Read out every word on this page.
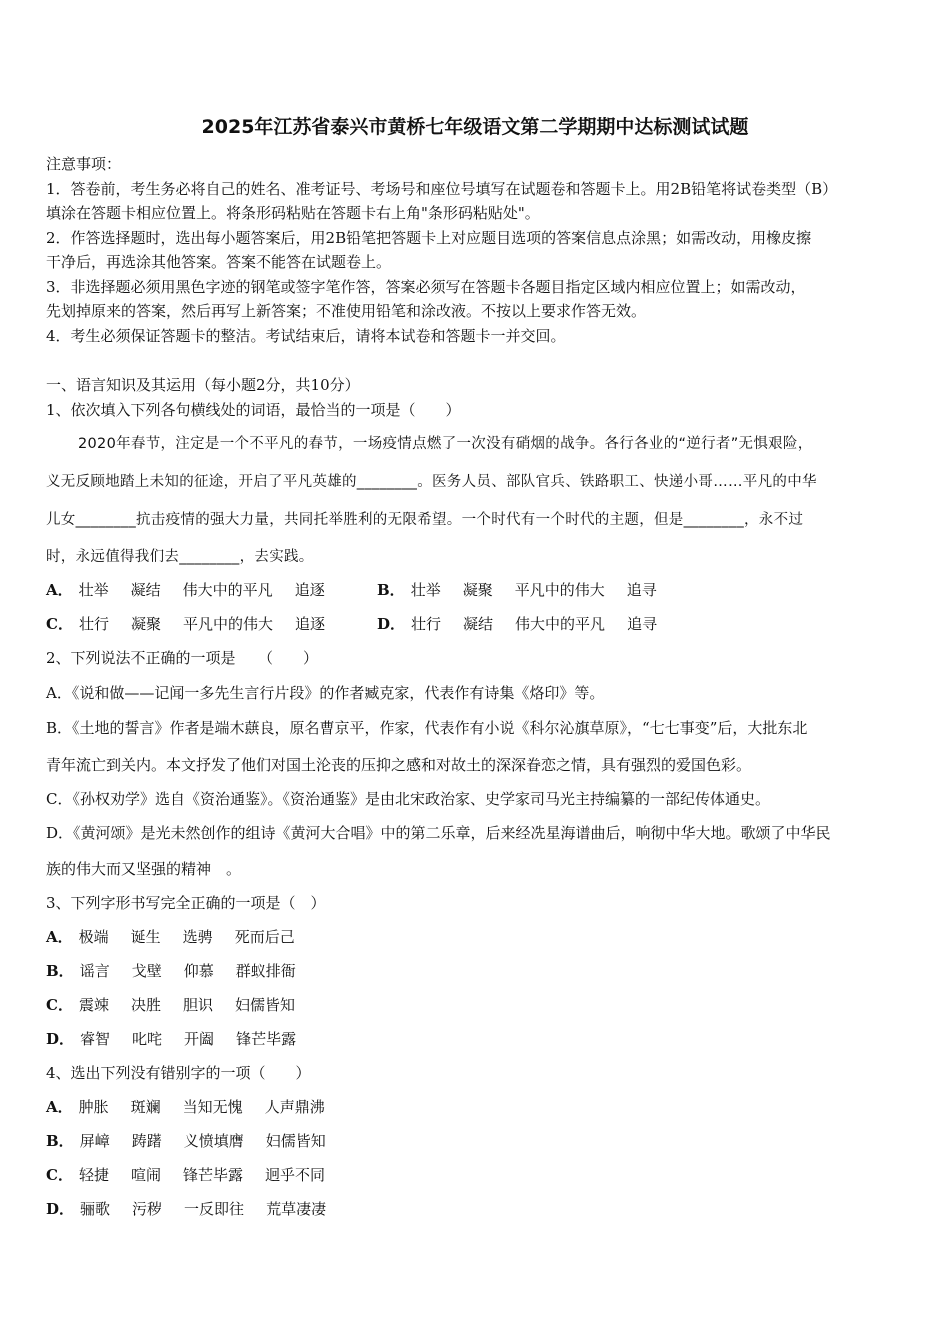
2025年江苏省泰兴市黄桥七年级语文第二学期期中达标测试试题
注意事项：
1．答卷前，考生务必将自己的姓名、准考证号、考场号和座位号填写在试题卷和答题卡上。用2B铅笔将试卷类型（B）
填涂在答题卡相应位置上。将条形码粘贴在答题卡右上角"条形码粘贴处"。
2．作答选择题时，选出每小题答案后，用2B铅笔把答题卡上对应题目选项的答案信息点涂黑；如需改动，用橡皮擦
干净后，再选涂其他答案。答案不能答在试题卷上。
3．非选择题必须用黑色字迹的钢笔或签字笔作答，答案必须写在答题卡各题目指定区域内相应位置上；如需改动，
先划掉原来的答案，然后再写上新答案；不准使用铅笔和涂改液。不按以上要求作答无效。
4．考生必须保证答题卡的整洁。考试结束后，请将本试卷和答题卡一并交回。
一、语言知识及其运用（每小题2分，共10分）
1、依次填入下列各句横线处的词语，最恰当的一项是（　　）
2020年春节，注定是一个不平凡的春节，一场疫情点燃了一次没有硝烟的战争。各行各业的“逆行者”无惧艰险，
义无反顾地踏上未知的征途，开启了平凡英雄的________。医务人员、部队官兵、铁路职工、快递小哥……平凡的中华
儿女________抗击疫情的强大力量，共同托举胜利的无限希望。一个时代有一个时代的主题，但是________，永不过
时，永远值得我们去________，去实践。
A． 壮举 凝结 伟大中的平凡 追逐	B． 壮举 凝聚 平凡中的伟大 追寻
C． 壮行 凝聚 平凡中的伟大 追逐	D． 壮行 凝结 伟大中的平凡 追寻
2、下列说法不正确的一项是　　（　　）
A．《说和做——记闻一多先生言行片段》的作者臧克家，代表作有诗集《烙印》等。
B．《土地的誓言》作者是端木蕻良，原名曹京平，作家，代表作有小说《科尔沁旗草原》，“七七事变”后，大批东北
青年流亡到关内。本文抒发了他们对国土沦丧的压抑之感和对故土的深深眷恋之情，具有强烈的爱国色彩。
C．《孙权劝学》选自《资治通鉴》。《资治通鉴》是由北宋政治家、史学家司马光主持编纂的一部纪传体通史。
D．《黄河颂》是光未然创作的组诗《黄河大合唱》中的第二乐章，后来经冼星海谱曲后，响彻中华大地。歌颂了中华民
族的伟大而又坚强的精神　。
3、下列字形书写完全正确的一项是（　）
A． 极端 诞生 选骋 死而后己
B． 谣言 戈壁 仰慕 群蚁排衙
C． 震竦 决胜 胆识 妇儒皆知
D． 睿智 叱咤 开阖 锋芒毕露
4、选出下列没有错别字的一项（　　）
A． 肿胀 斑斓 当知无愧 人声鼎沸
B． 屏嶂 踌躇 义愤填膺 妇儒皆知
C． 轻捷 喧闹 锋芒毕露 迥乎不同
D． 骊歌 污秽 一反即往 荒草凄凄
